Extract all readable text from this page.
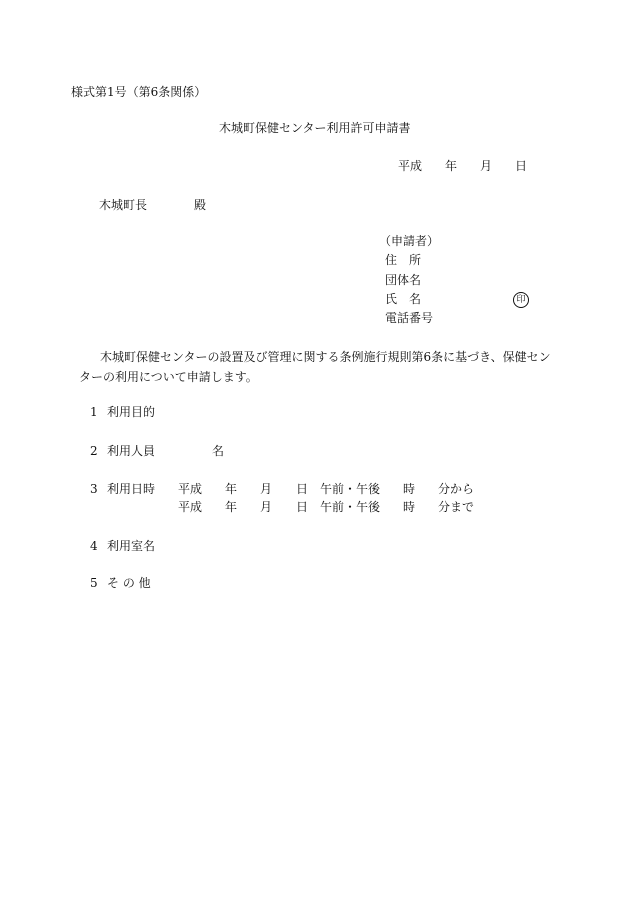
様式第1号（第6条関係）
木城町保健センター利用許可申請書
平成 年 月 日
木城町長	殿
（申請者）
住　所
団体名
氏　名	印
電話番号
木城町保健センターの設置及び管理に関する条例施行規則第6条に基づき、保健センターの利用について申請します。
1 利用目的
2 利用人員	名
3 利用日時 平成 年 月 日 午前・午後 時 分から
平成 年 月 日 午前・午後 時 分まで
4 利用室名
5 そ の 他
